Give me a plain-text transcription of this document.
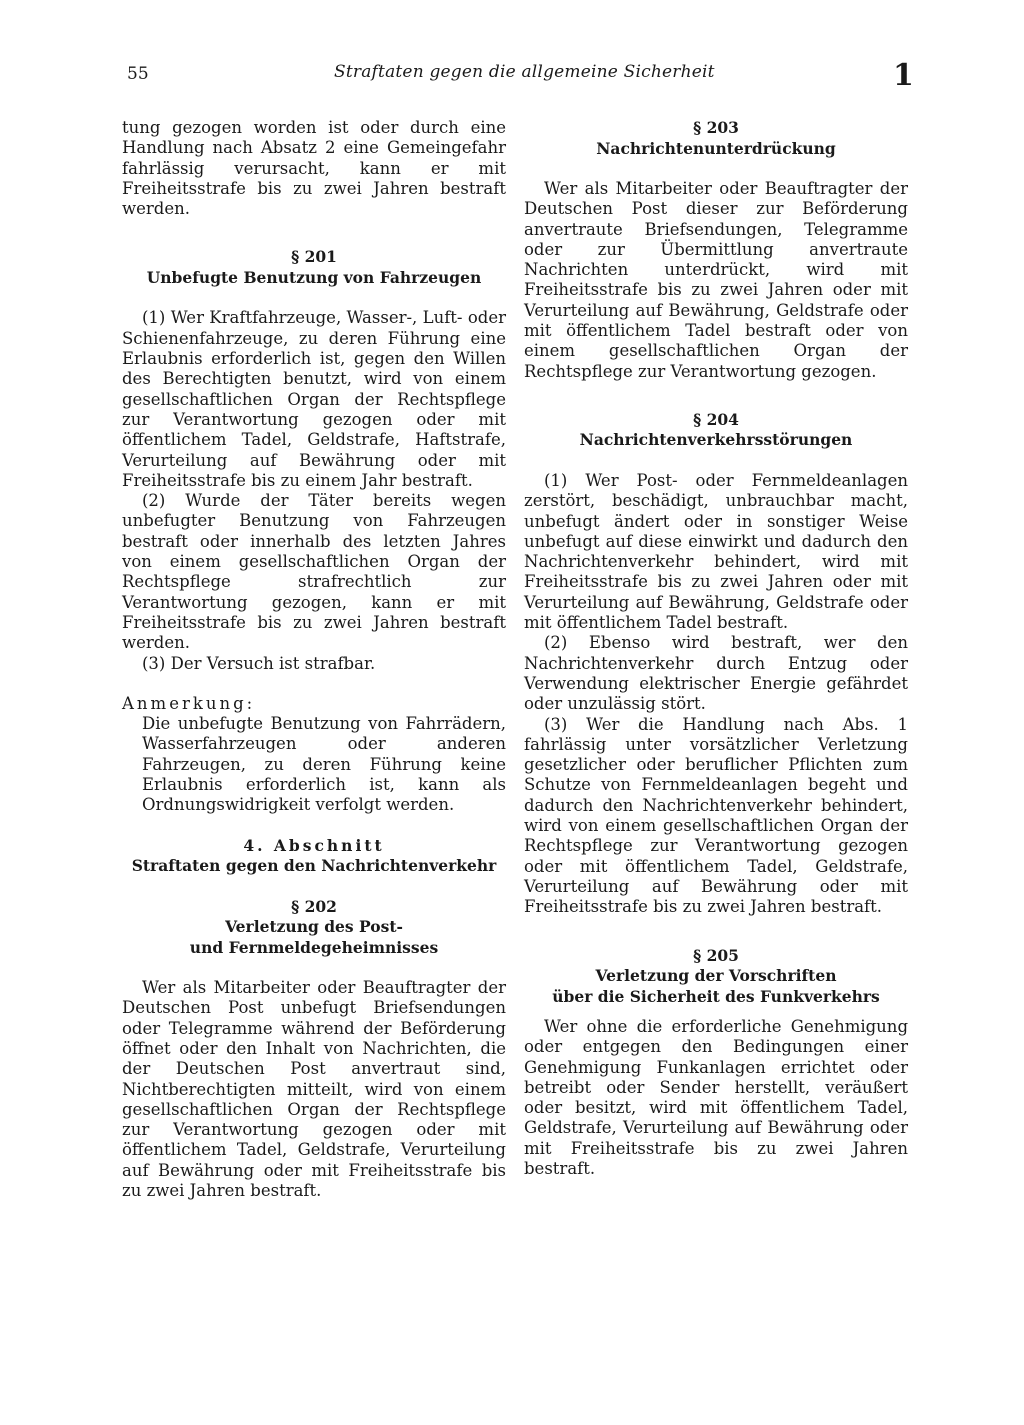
55	Straftaten gegen die allgemeine Sicherheit	1

tung gezogen worden ist oder durch eine Handlung nach Absatz 2 eine Gemeingefahr fahrlässig verursacht, kann er mit Freiheitsstrafe bis zu zwei Jahren bestraft werden.

§ 201
Unbefugte Benutzung von Fahrzeugen

(1) Wer Kraftfahrzeuge, Wasser-, Luft- oder Schienenfahrzeuge, zu deren Führung eine Erlaubnis erforderlich ist, gegen den Willen des Berechtigten benutzt, wird von einem gesellschaftlichen Organ der Rechtspflege zur Verantwortung gezogen oder mit öffentlichem Tadel, Geldstrafe, Haftstrafe, Verurteilung auf Bewährung oder mit Freiheitsstrafe bis zu einem Jahr bestraft.

(2) Wurde der Täter bereits wegen unbefugter Benutzung von Fahrzeugen bestraft oder innerhalb des letzten Jahres von einem gesellschaftlichen Organ der Rechtspflege strafrechtlich zur Verantwortung gezogen, kann er mit Freiheitsstrafe bis zu zwei Jahren bestraft werden.

(3) Der Versuch ist strafbar.

Anmerkung:

Die unbefugte Benutzung von Fahrrädern, Wasserfahrzeugen oder anderen Fahrzeugen, zu deren Führung keine Erlaubnis erforderlich ist, kann als Ordnungswidrigkeit verfolgt werden.

4. Abschnitt
Straftaten gegen den Nachrichtenverkehr
§ 202
Verletzung des Post-
und Fernmeldegeheimnisses

Wer als Mitarbeiter oder Beauftragter der Deutschen Post unbefugt Briefsendungen oder Telegramme während der Beförderung öffnet oder den Inhalt von Nachrichten, die der Deutschen Post anvertraut sind, Nichtberechtigten mitteilt, wird von einem gesellschaftlichen Organ der Rechtspflege zur Verantwortung gezogen oder mit öffentlichem Tadel, Geldstrafe, Verurteilung auf Bewährung oder mit Freiheitsstrafe bis zu zwei Jahren bestraft.

§ 203
Nachrichtenunterdrückung

Wer als Mitarbeiter oder Beauftragter der Deutschen Post dieser zur Beförderung anvertraute Briefsendungen, Telegramme oder zur Übermittlung anvertraute Nachrichten unterdrückt, wird mit Freiheitsstrafe bis zu zwei Jahren oder mit Verurteilung auf Bewährung, Geldstrafe oder mit öffentlichem Tadel bestraft oder von einem gesellschaftlichen Organ der Rechtspflege zur Verantwortung gezogen.

§ 204
Nachrichtenverkehrsstörungen

(1) Wer Post- oder Fernmeldeanlagen zerstört, beschädigt, unbrauchbar macht, unbefugt ändert oder in sonstiger Weise unbefugt auf diese einwirkt und dadurch den Nachrichtenverkehr behindert, wird mit Freiheitsstrafe bis zu zwei Jahren oder mit Verurteilung auf Bewährung, Geldstrafe oder mit öffentlichem Tadel bestraft.

(2) Ebenso wird bestraft, wer den Nachrichtenverkehr durch Entzug oder Verwendung elektrischer Energie gefährdet oder unzulässig stört.

(3) Wer die Handlung nach Abs. 1 fahrlässig unter vorsätzlicher Verletzung gesetzlicher oder beruflicher Pflichten zum Schutze von Fernmeldeanlagen begeht und dadurch den Nachrichtenverkehr behindert, wird von einem gesellschaftlichen Organ der Rechtspflege zur Verantwortung gezogen oder mit öffentlichem Tadel, Geldstrafe, Verurteilung auf Bewährung oder mit Freiheitsstrafe bis zu zwei Jahren bestraft.

§ 205
Verletzung der Vorschriften
über die Sicherheit des Funkverkehrs

Wer ohne die erforderliche Genehmigung oder entgegen den Bedingungen einer Genehmigung Funkanlagen errichtet oder betreibt oder Sender herstellt, veräußert oder besitzt, wird mit öffentlichem Tadel, Geldstrafe, Verurteilung auf Bewährung oder mit Freiheitsstrafe bis zu zwei Jahren bestraft.
